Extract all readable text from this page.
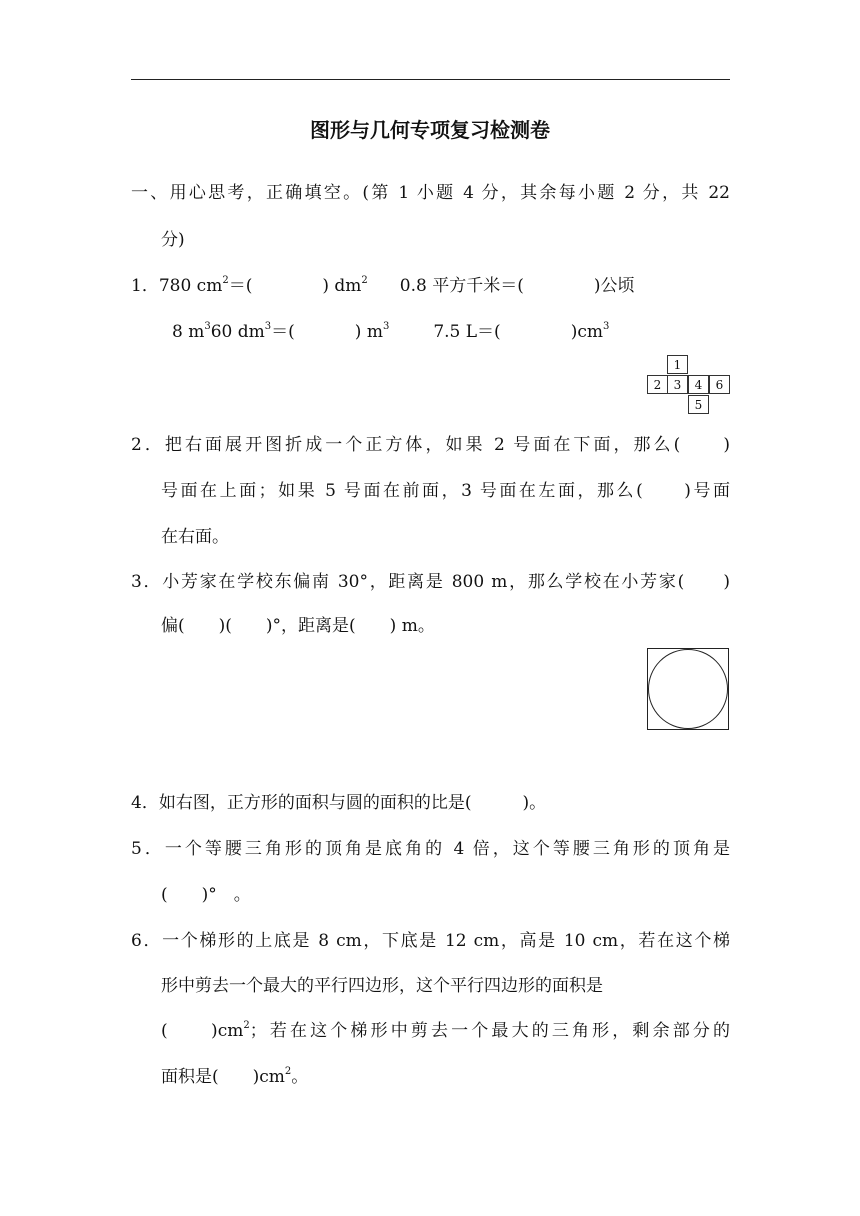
图形与几何专项复习检测卷
一、用心思考，正确填空。(第 1 小题 4 分，其余每小题 2 分，共 22
分)
1．780 $cm^2=$(	) $dm^2$ 0.8 平方千米＝(	)公顷
8 $m^360$ $dm^3=$(	) $m^3$	7.5 L＝(	)$cm^3$
1
2	3	4	6
5
2．把右面展开图折成一个正方体，如果 2 号面在下面，那么(　　)
号面在上面；如果 5 号面在前面，3 号面在左面，那么(　　)号面
在右面。
3．小芳家在学校东偏南 30°，距离是 800 m，那么学校在小芳家(　　)
偏(　　)(　　)°，距离是(　　) m。
4．如右图，正方形的面积与圆的面积的比是(　　　)。
5．一个等腰三角形的顶角是底角的 4 倍，这个等腰三角形的顶角是
(　　)°　。
6．一个梯形的上底是 8 cm，下底是 12 cm，高是 10 cm，若在这个梯
形中剪去一个最大的平行四边形，这个平行四边形的面积是
(　　)$cm^2$；若在这个梯形中剪去一个最大的三角形，剩余部分的
面积是(　　)$cm^2$。
